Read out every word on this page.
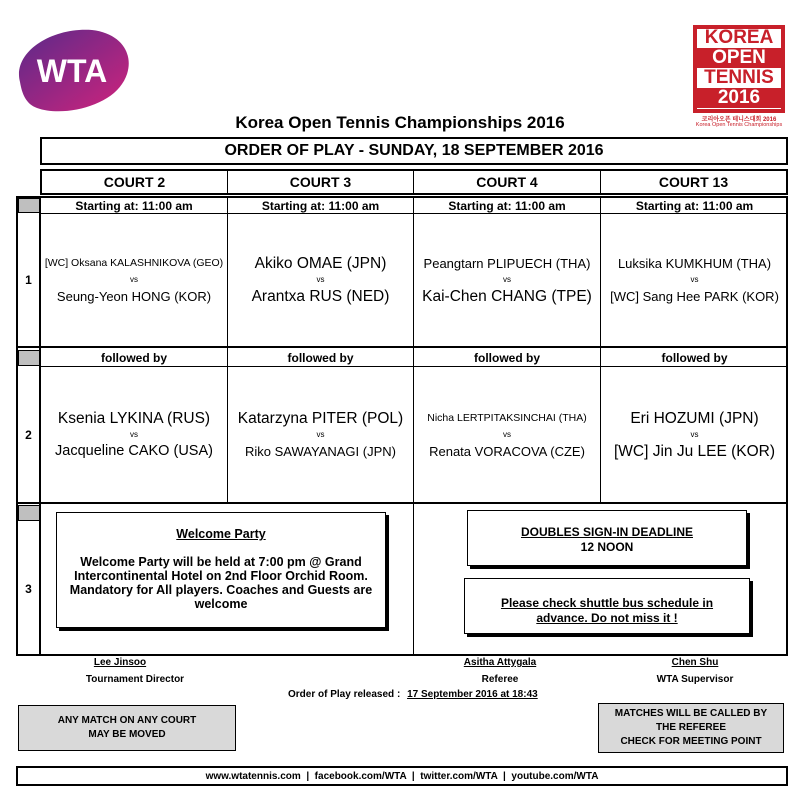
WTA
KOREA
OPEN
TENNIS
2016
코리아오픈 테니스대회 2016
Korea Open Tennis Championships
Korea Open Tennis Championships 2016
ORDER OF PLAY - SUNDAY, 18 SEPTEMBER 2016
COURT 2	COURT 3	COURT 4	COURT 13
Starting at: 11:00 am	Starting at: 11:00 am	Starting at: 11:00 am	Starting at: 11:00 am
1
[WC] Oksana KALASHNIKOVA (GEO)
vs
Seung-Yeon HONG (KOR)
Akiko OMAE (JPN)
vs
Arantxa RUS (NED)
Peangtarn PLIPUECH (THA)
vs
Kai-Chen CHANG (TPE)
Luksika KUMKHUM (THA)
vs
[WC] Sang Hee PARK (KOR)
followed by	followed by	followed by	followed by
2
Ksenia LYKINA (RUS)
vs
Jacqueline CAKO (USA)
Katarzyna PITER (POL)
vs
Riko SAWAYANAGI (JPN)
Nicha LERTPITAKSINCHAI (THA)
vs
Renata VORACOVA (CZE)
Eri HOZUMI (JPN)
vs
[WC] Jin Ju LEE (KOR)
3
Welcome Party
Welcome Party will be held at 7:00 pm @ Grand Intercontinental Hotel on 2nd Floor Orchid Room. Mandatory for All players. Coaches and Guests are welcome
DOUBLES SIGN-IN DEADLINE
12 NOON
Please check shuttle bus schedule in advance. Do not miss it !
Lee Jinsoo
Tournament Director
Asitha Attygala
Referee
Chen Shu
WTA Supervisor
Order of Play released : 17 September 2016 at 18:43
ANY MATCH ON ANY COURT
MAY BE MOVED
MATCHES WILL BE CALLED BY
THE REFEREE
CHECK FOR MEETING POINT
www.wtatennis.com  |  facebook.com/WTA  |  twitter.com/WTA  |  youtube.com/WTA
